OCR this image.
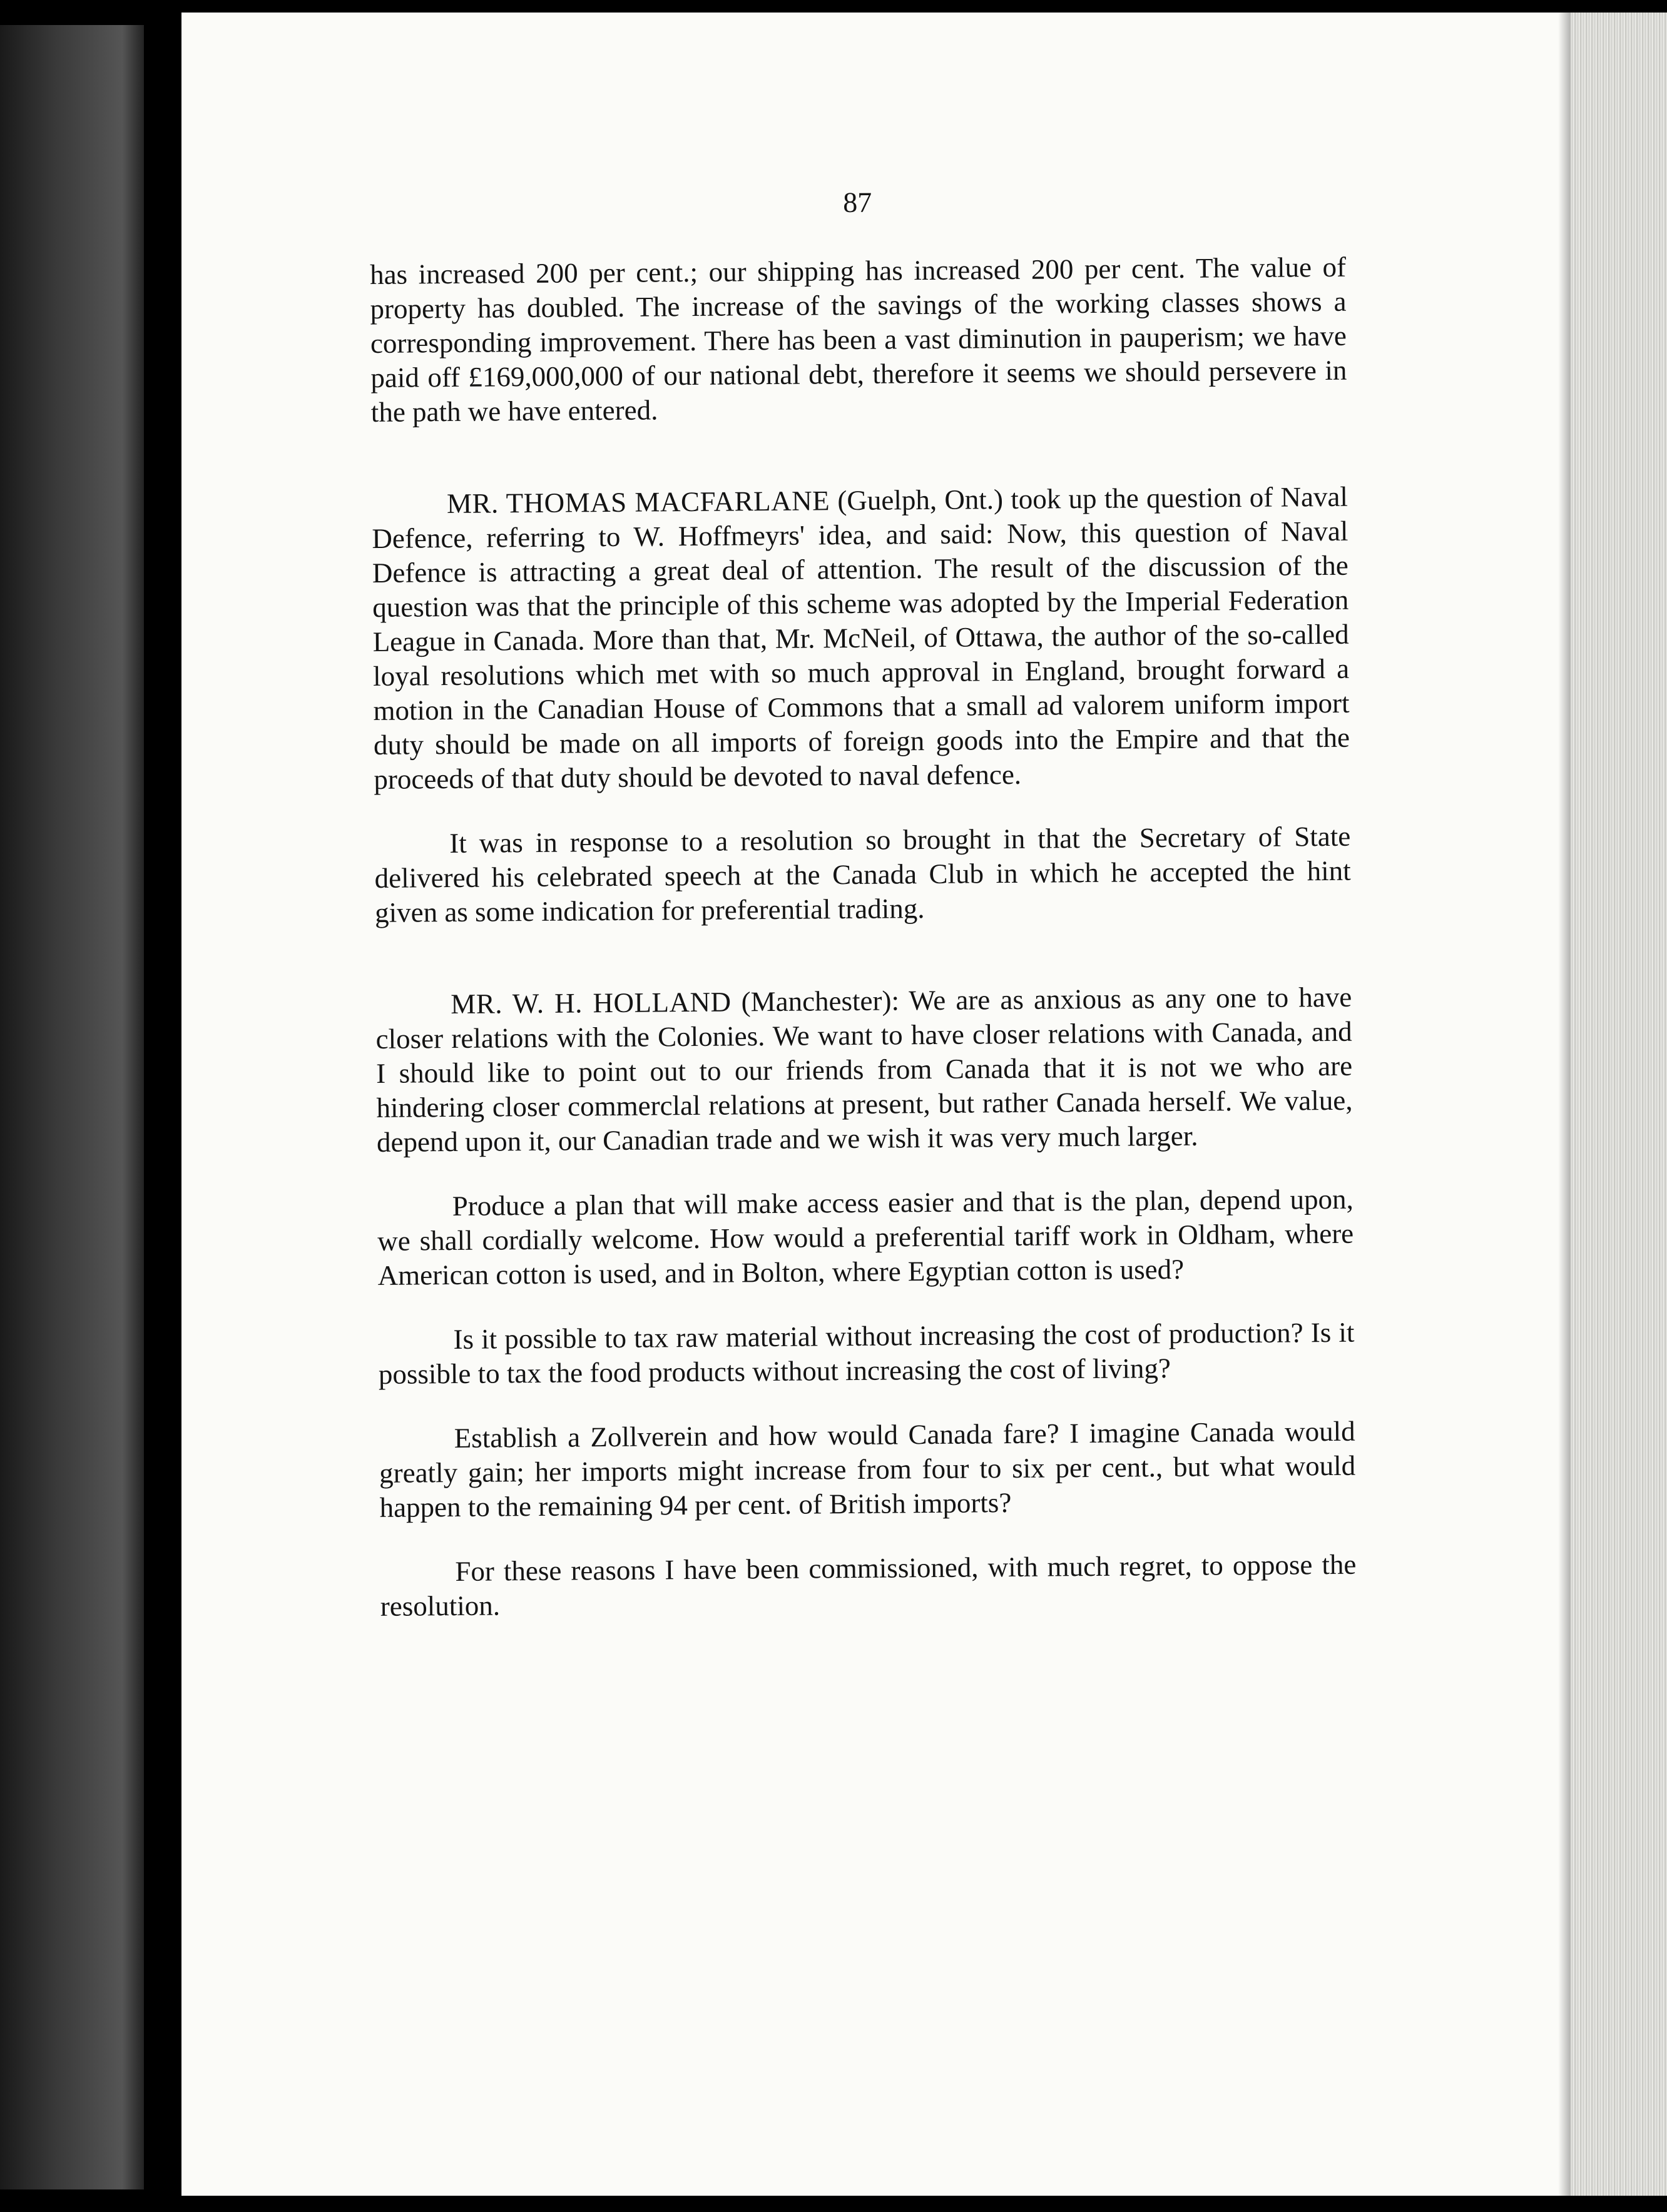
87

has increased 200 per cent.; our shipping has increased 200 per cent. The value of property has doubled. The increase of the savings of the working classes shows a corresponding improvement. There has been a vast diminution in pauperism; we have paid off £169,000,000 of our national debt, therefore it seems we should persevere in the path we have entered.

MR. THOMAS MACFARLANE (Guelph, Ont.) took up the question of Naval Defence, referring to W. Hoffmeyrs' idea, and said: Now, this question of Naval Defence is attracting a great deal of attention. The result of the discussion of the question was that the principle of this scheme was adopted by the Imperial Federation League in Canada. More than that, Mr. McNeil, of Ottawa, the author of the so-called loyal resolutions which met with so much approval in England, brought forward a motion in the Canadian House of Commons that a small ad valorem uniform import duty should be made on all imports of foreign goods into the Empire and that the proceeds of that duty should be devoted to naval defence.

It was in response to a resolution so brought in that the Secretary of State delivered his celebrated speech at the Canada Club in which he accepted the hint given as some indication for preferential trading.

MR. W. H. HOLLAND (Manchester): We are as anxious as any one to have closer relations with the Colonies. We want to have closer relations with Canada, and I should like to point out to our friends from Canada that it is not we who are hindering closer commerclal relations at present, but rather Canada herself. We value, depend upon it, our Canadian trade and we wish it was very much larger.

Produce a plan that will make access easier and that is the plan, depend upon, we shall cordially welcome. How would a preferential tariff work in Oldham, where American cotton is used, and in Bolton, where Egyptian cotton is used?

Is it possible to tax raw material without increasing the cost of production? Is it possible to tax the food products without increasing the cost of living?

Establish a Zollverein and how would Canada fare? I imagine Canada would greatly gain; her imports might increase from four to six per cent., but what would happen to the remaining 94 per cent. of British imports?

For these reasons I have been commissioned, with much regret, to oppose the resolution.
